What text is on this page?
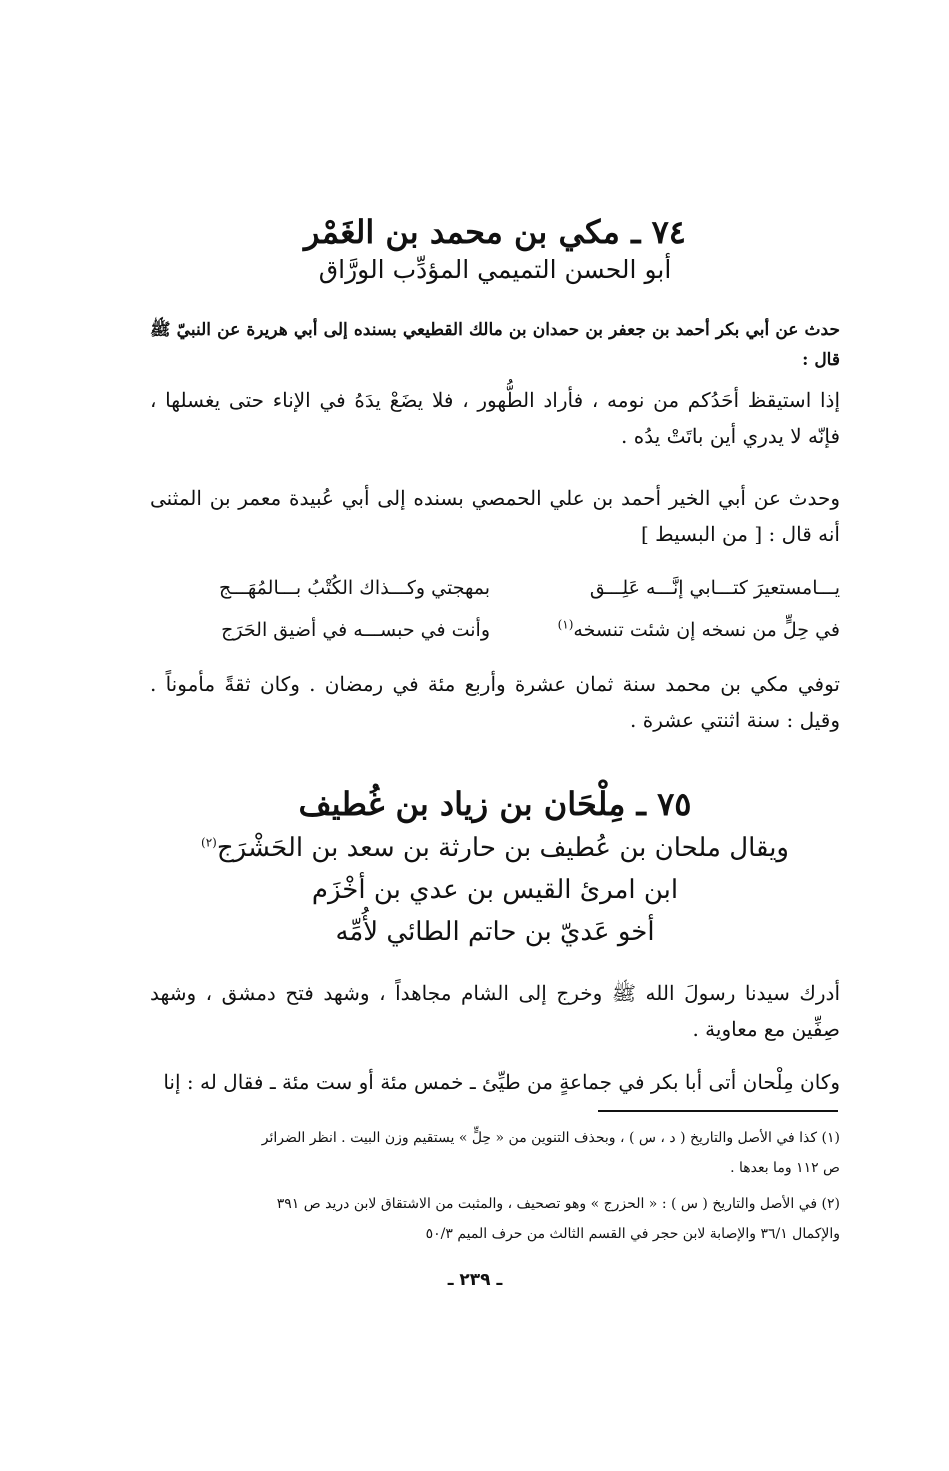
٧٤ ـ مكي بن محمد بن الغَمْر
أبو الحسن التميمي المؤدِّب الورَّاق
حدث عن أبي بكر أحمد بن جعفر بن حمدان بن مالك القطيعي بسنده إلى أبي هريرة عن النبيّ ﷺ قال :
إذا استيقظ أحَدُكم من نومه ، فأراد الطُّهور ، فلا يضَعْ يدَهُ في الإناء حتى يغسلها ، فإنّه لا يدري أين باتَتْ يدُه .
وحدث عن أبي الخير أحمد بن علي الحمصي بسنده إلى أبي عُبيدة معمر بن المثنى أنه قال : [ من البسيط ]
يـــامستعيرَ كتـــابي إنَّـــه عَلِـــق
بمهجتي وكـــذاك الكُتْبُ بـــالمُهَـــج
في حِلٍّ من نسخه إن شئت تنسخه$^{(١)}$
وأنت في حبســـه في أضيق الحَرَج
توفي مكي بن محمد سنة ثمان عشرة وأربع مئة في رمضان . وكان ثقةً مأموناً . وقيل : سنة اثنتي عشرة .
٧٥ ـ مِلْحَان بن زياد بن غُطيف
ويقال ملحان بن عُطيف بن حارثة بن سعد بن الحَشْرَج$^{(٢)}$
ابن امرئ القيس بن عدي بن أخْزَم
أخو عَديّ بن حاتم الطائي لأُمِّه
أدرك سيدنا رسولَ الله ﷺ وخرج إلى الشام مجاهداً ، وشهد فتح دمشق ، وشهد صِفِّين مع معاوية .
وكان مِلْحان أتى أبا بكر في جماعةٍ من طيِّئ ـ خمس مئة أو ست مئة ـ فقال له : إنا
(١) كذا في الأصل والتاريخ ( د ، س ) ، وبحذف التنوين من « حِلٍّ » يستقيم وزن البيت . انظر الضرائر
ص ١١٢ وما بعدها .
(٢) في الأصل والتاريخ ( س ) : « الحزرج » وهو تصحيف ، والمثبت من الاشتقاق لابن دريد ص ٣٩١
والإكمال ٣٦/١ والإصابة لابن حجر في القسم الثالث من حرف الميم ٥٠/٣
ـ ٢٣٩ ـ
